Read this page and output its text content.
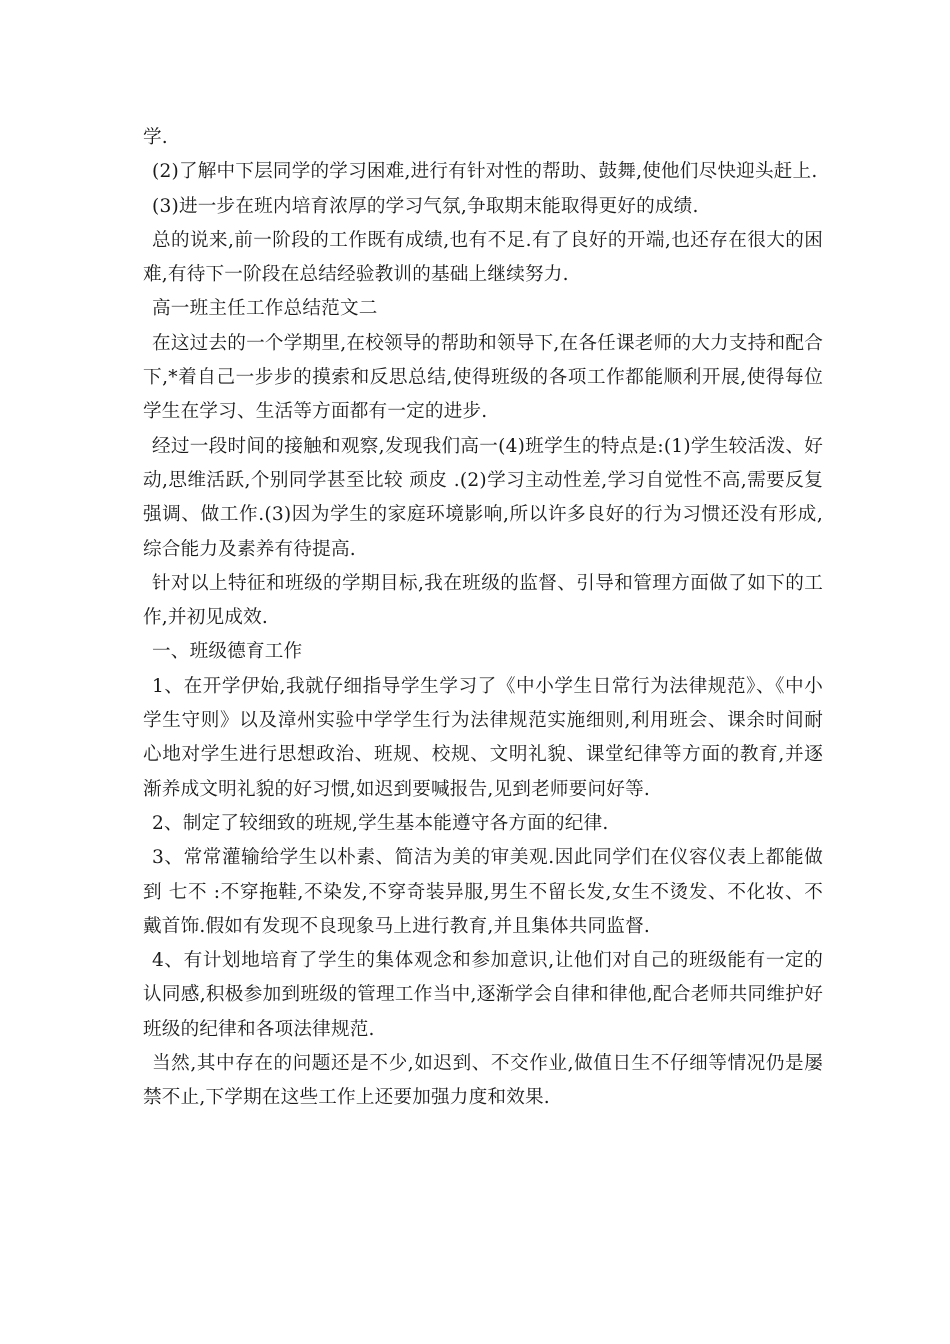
学.

(2)了解中下层同学的学习困难,进行有针对性的帮助、鼓舞,使他们尽快迎头赶上.

(3)进一步在班内培育浓厚的学习气氛,争取期末能取得更好的成绩.

总的说来,前一阶段的工作既有成绩,也有不足.有了良好的开端,也还存在很大的困难,有待下一阶段在总结经验教训的基础上继续努力.

高一班主任工作总结范文二

在这过去的一个学期里,在校领导的帮助和领导下,在各任课老师的大力支持和配合下,*着自己一步步的摸索和反思总结,使得班级的各项工作都能顺利开展,使得每位学生在学习、生活等方面都有一定的进步.

经过一段时间的接触和观察,发现我们高一(4)班学生的特点是:(1)学生较活泼、好动,思维活跃,个别同学甚至比较 顽皮 .(2)学习主动性差,学习自觉性不高,需要反复强调、做工作.(3)因为学生的家庭环境影响,所以许多良好的行为习惯还没有形成,综合能力及素养有待提高.

针对以上特征和班级的学期目标,我在班级的监督、引导和管理方面做了如下的工作,并初见成效.

一、班级德育工作

1、在开学伊始,我就仔细指导学生学习了《中小学生日常行为法律规范》、《中小学生守则》以及漳州实验中学学生行为法律规范实施细则,利用班会、课余时间耐心地对学生进行思想政治、班规、校规、文明礼貌、课堂纪律等方面的教育,并逐渐养成文明礼貌的好习惯,如迟到要喊报告,见到老师要问好等.

2、制定了较细致的班规,学生基本能遵守各方面的纪律.

3、常常灌输给学生以朴素、简洁为美的审美观.因此同学们在仪容仪表上都能做到 七不 :不穿拖鞋,不染发,不穿奇装异服,男生不留长发,女生不烫发、不化妆、不戴首饰.假如有发现不良现象马上进行教育,并且集体共同监督.

4、有计划地培育了学生的集体观念和参加意识,让他们对自己的班级能有一定的认同感,积极参加到班级的管理工作当中,逐渐学会自律和律他,配合老师共同维护好班级的纪律和各项法律规范.

当然,其中存在的问题还是不少,如迟到、不交作业,做值日生不仔细等情况仍是屡禁不止,下学期在这些工作上还要加强力度和效果.
